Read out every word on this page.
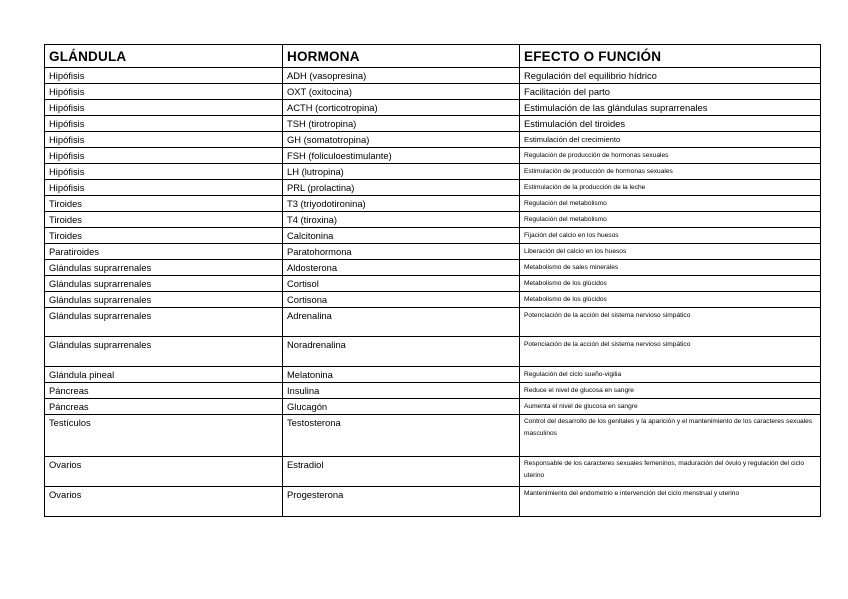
GLÁNDULA	HORMONA	EFECTO O FUNCIÓN
Hipófisis	ADH (vasopresina)	Regulación del equilibrio hídrico
Hipófisis	OXT (oxitocina)	Facilitación del parto
Hipófisis	ACTH (corticotropina)	Estimulación de las glándulas suprarrenales
Hipófisis	TSH (tirotropina)	Estimulación del tiroides
Hipófisis	GH (somatotropina)	Estimulación del crecimiento
Hipófisis	FSH (foliculoestimulante)	Regulación de producción de hormonas sexuales
Hipófisis	LH (lutropina)	Estimulación de producción de hormonas sexuales
Hipófisis	PRL (prolactina)	Estimulación de la producción de la leche
Tiroides	T3 (triyodotironina)	Regulación del metabolismo
Tiroides	T4 (tiroxina)	Regulación del metabolismo
Tiroides	Calcitonina	Fijación del calcio en los huesos
Paratiroides	Paratohormona	Liberación del calcio en los huesos
Glándulas suprarrenales	Aldosterona	Metabolismo de sales minerales
Glándulas suprarrenales	Cortisol	Metabolismo de los glúcidos
Glándulas suprarrenales	Cortisona	Metabolismo de los glúcidos
Glándulas suprarrenales	Adrenalina	Potenciación de la acción del sistema nervioso simpático
Glándulas suprarrenales	Noradrenalina	Potenciación de la acción del sistema nervioso simpático
Glándula pineal	Melatonina	Regulación del ciclo sueño-vigilia
Páncreas	Insulina	Reduce el nivel de glucosa en sangre
Páncreas	Glucagón	Aumenta el nivel de glucosa en sangre
Testículos	Testosterona	Control del desarrollo de los genitales y la aparición y el mantenimiento de los caracteres sexuales masculinos
Ovarios	Estradiol	Responsable de los caracteres sexuales femeninos, maduración del óvulo y regulación del ciclo uterino
Ovarios	Progesterona	Mantenimiento del endometrio e intervención del ciclo menstrual y uterino
